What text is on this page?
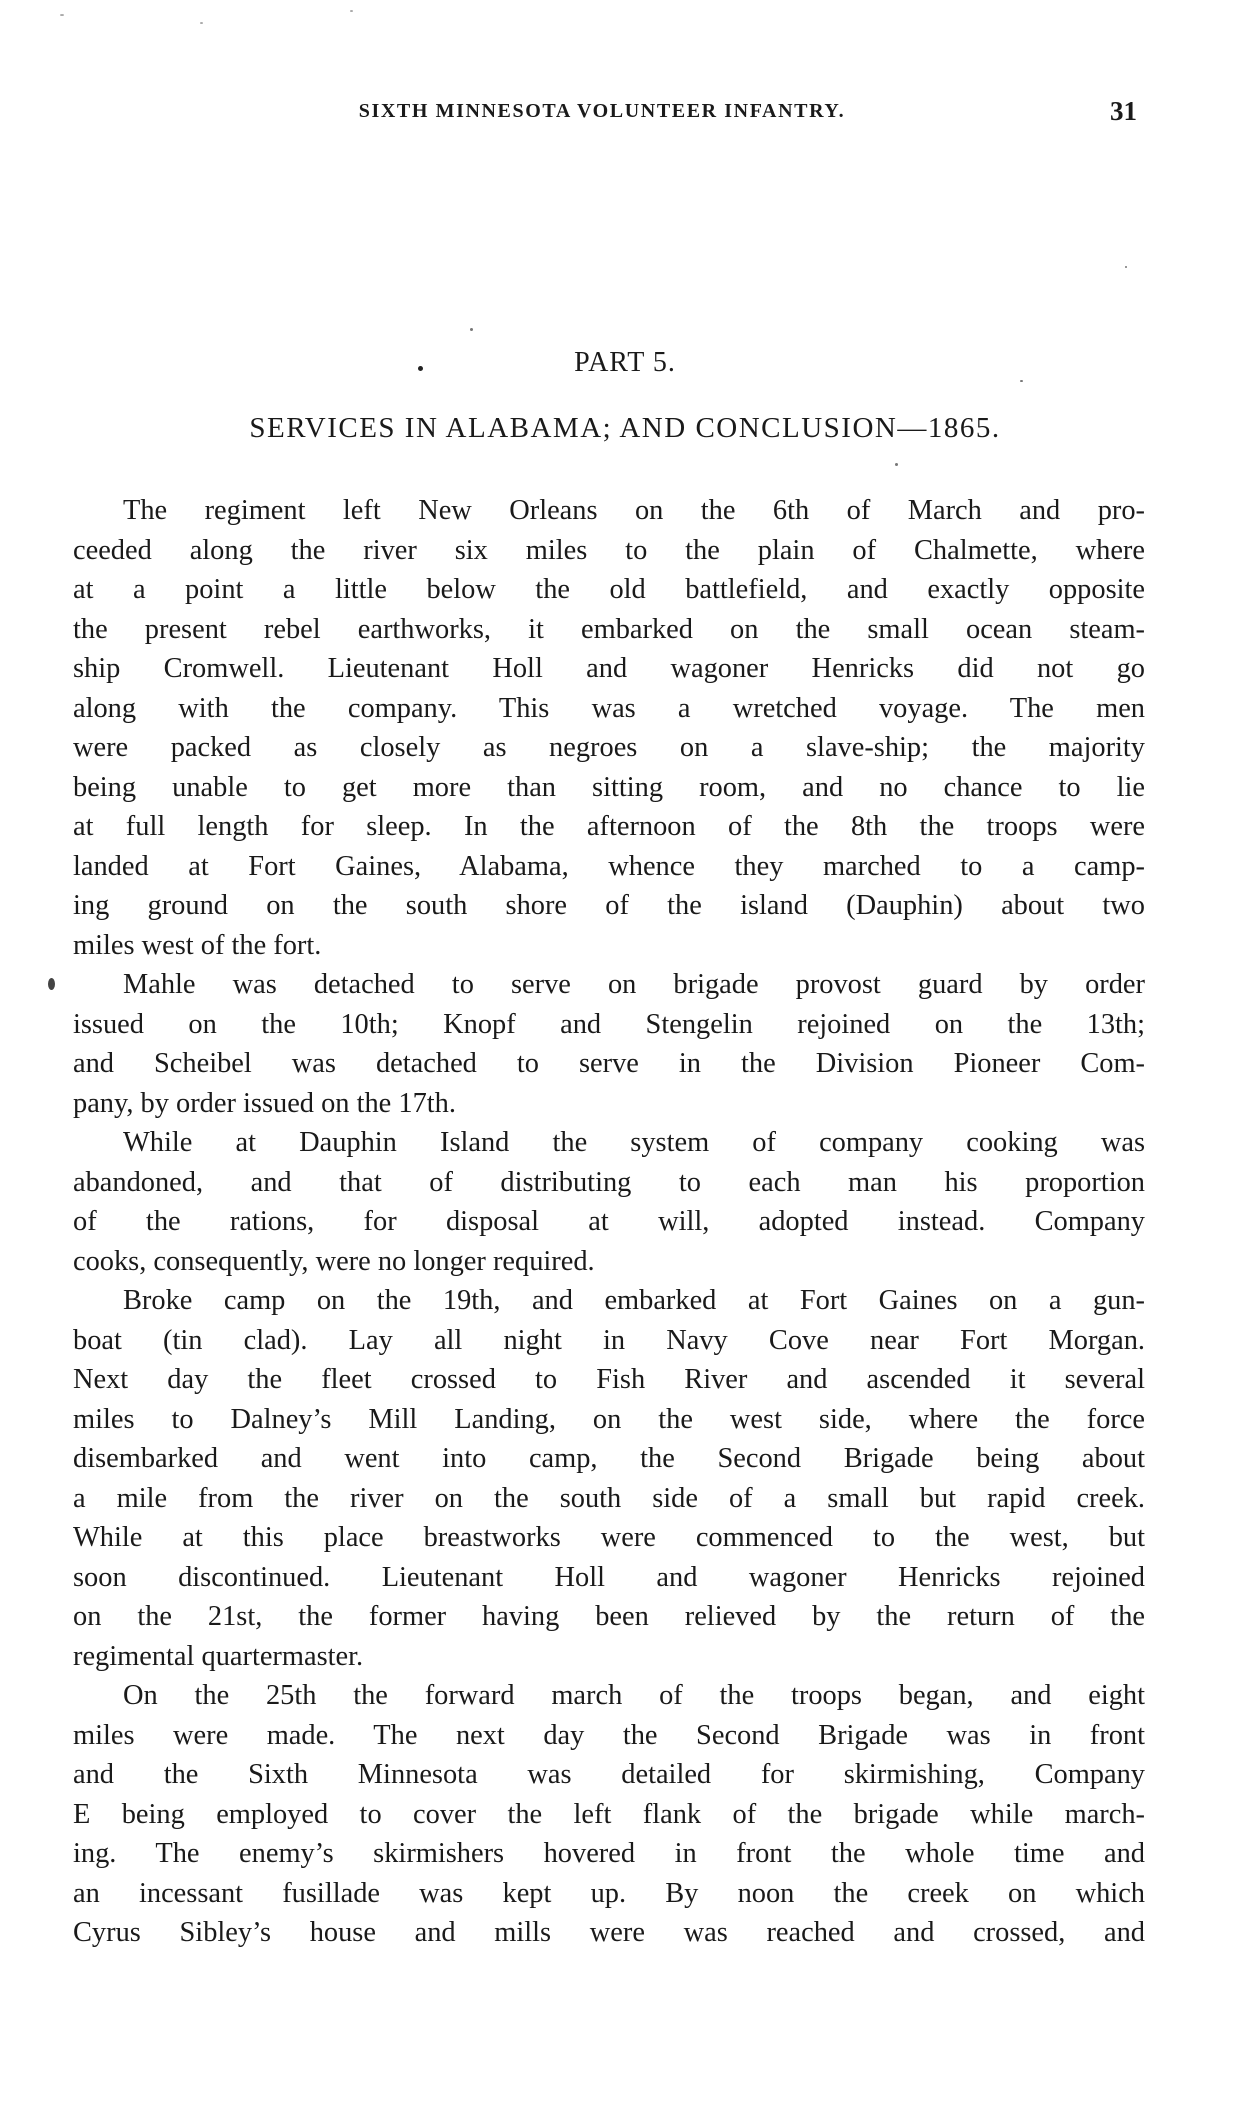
SIXTH MINNESOTA VOLUNTEER INFANTRY.	31
PART 5.
SERVICES IN ALABAMA; AND CONCLUSION—1865.
The regiment left New Orleans on the 6th of March and pro-
ceeded along the river six miles to the plain of Chalmette, where
at a point a little below the old battlefield, and exactly opposite
the present rebel earthworks, it embarked on the small ocean steam-
ship Cromwell. Lieutenant Holl and wagoner Henricks did not go
along with the company. This was a wretched voyage. The men
were packed as closely as negroes on a slave-ship; the majority
being unable to get more than sitting room, and no chance to lie
at full length for sleep. In the afternoon of the 8th the troops were
landed at Fort Gaines, Alabama, whence they marched to a camp-
ing ground on the south shore of the island (Dauphin) about two
miles west of the fort.
Mahle was detached to serve on brigade provost guard by order
issued on the 10th; Knopf and Stengelin rejoined on the 13th;
and Scheibel was detached to serve in the Division Pioneer Com-
pany, by order issued on the 17th.
While at Dauphin Island the system of company cooking was
abandoned, and that of distributing to each man his proportion
of the rations, for disposal at will, adopted instead. Company
cooks, consequently, were no longer required.
Broke camp on the 19th, and embarked at Fort Gaines on a gun-
boat (tin clad). Lay all night in Navy Cove near Fort Morgan.
Next day the fleet crossed to Fish River and ascended it several
miles to Dalney’s Mill Landing, on the west side, where the force
disembarked and went into camp, the Second Brigade being about
a mile from the river on the south side of a small but rapid creek.
While at this place breastworks were commenced to the west, but
soon discontinued. Lieutenant Holl and wagoner Henricks rejoined
on the 21st, the former having been relieved by the return of the
regimental quartermaster.
On the 25th the forward march of the troops began, and eight
miles were made. The next day the Second Brigade was in front
and the Sixth Minnesota was detailed for skirmishing, Company
E being employed to cover the left flank of the brigade while march-
ing. The enemy’s skirmishers hovered in front the whole time and
an incessant fusillade was kept up. By noon the creek on which
Cyrus Sibley’s house and mills were was reached and crossed, and
